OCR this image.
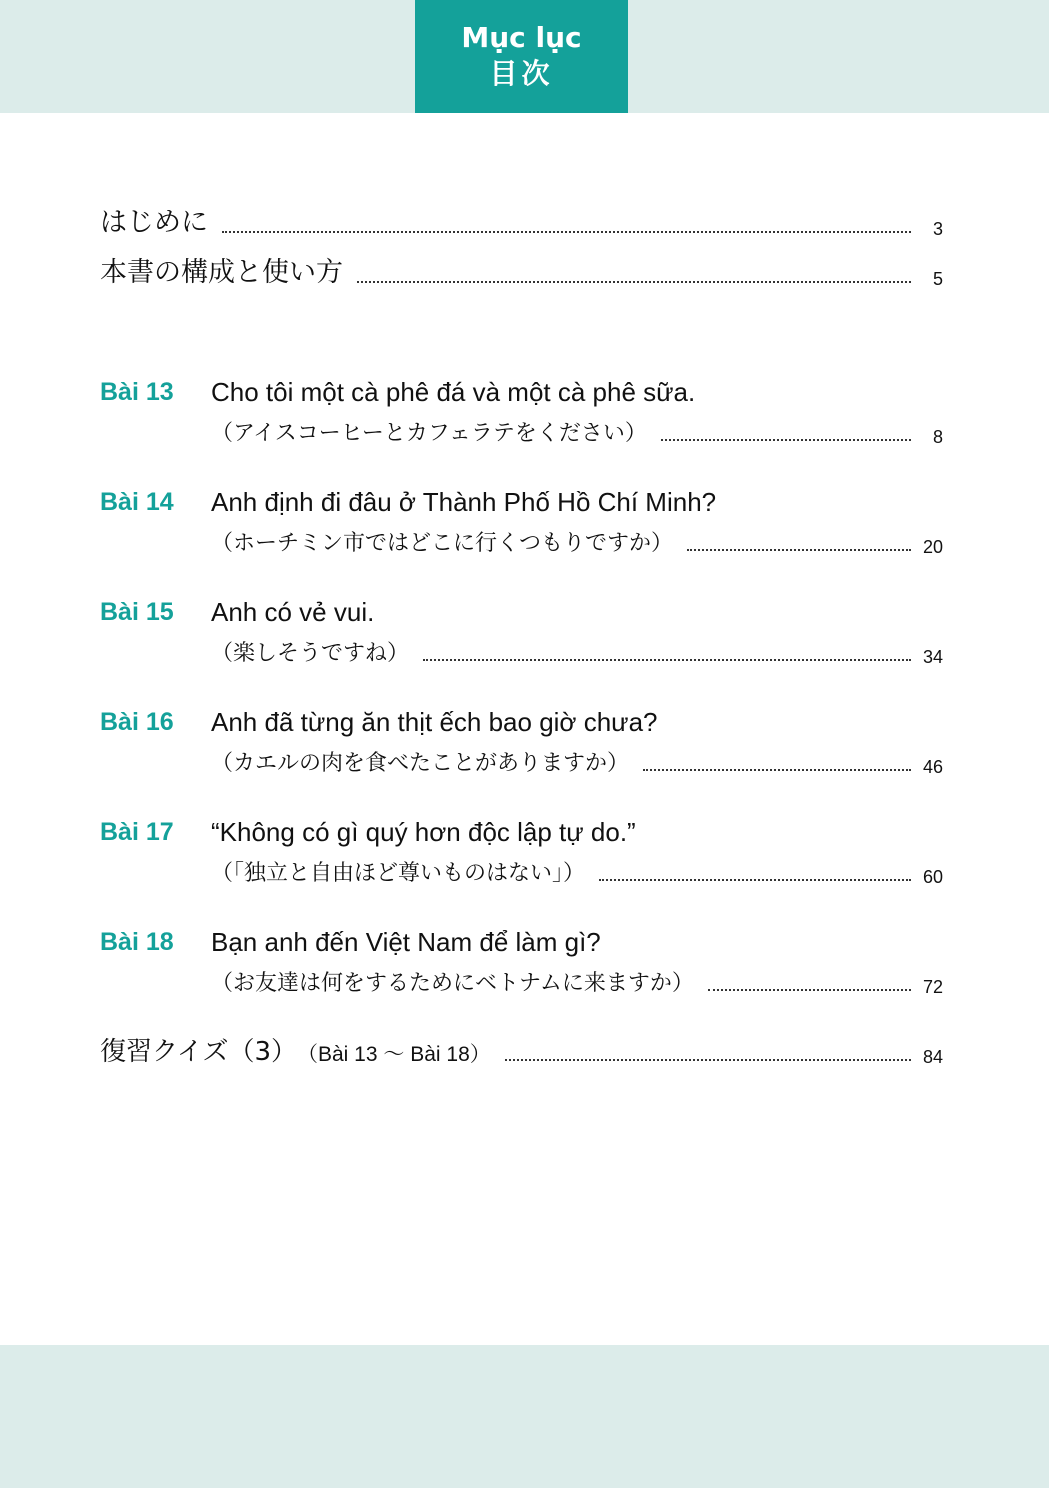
Mục lục
目次
はじめに	3
本書の構成と使い方	5
Bài 13 Cho tôi một cà phê đá và một cà phê sữa.
（アイスコーヒーとカフェラテをください）	8
Bài 14 Anh định đi đâu ở Thành Phố Hồ Chí Minh?
（ホーチミン市ではどこに行くつもりですか）	20
Bài 15 Anh có vẻ vui.
（楽しそうですね）	34
Bài 16 Anh đã từng ăn thịt ếch bao giờ chưa?
（カエルの肉を食べたことがありますか）	46
Bài 17 “Không có gì quý hơn độc lập tự do.”
（「独立と自由ほど尊いものはない」）	60
Bài 18 Bạn anh đến Việt Nam để làm gì?
（お友達は何をするためにベトナムに来ますか）	72
復習クイズ（3） （Bài 13 ～ Bài 18）	84
